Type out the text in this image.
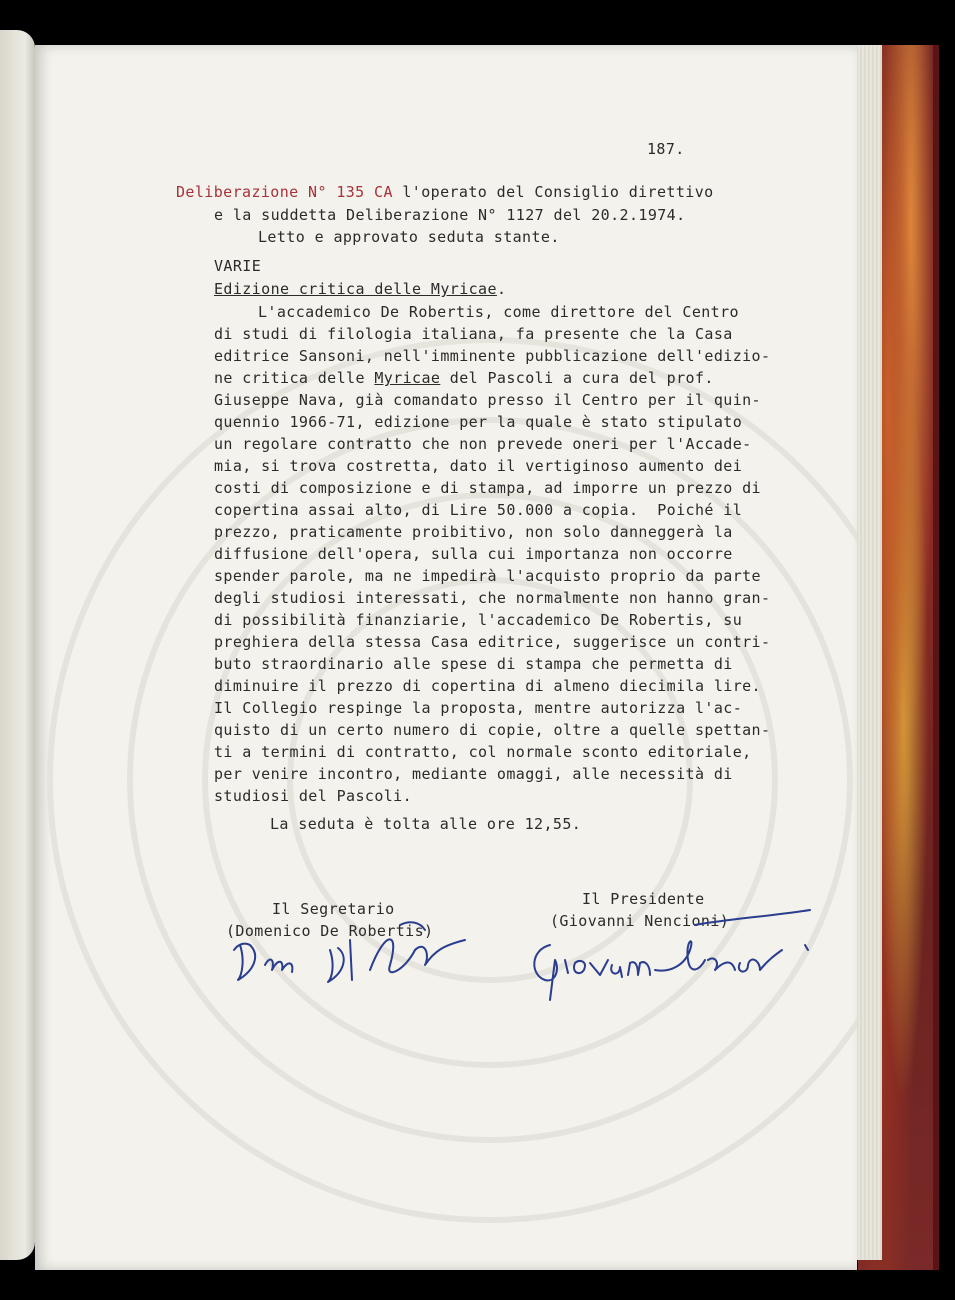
187.
Deliberazione N° 135 CA l'operato del Consiglio direttivo
e la suddetta Deliberazione N° 1127 del 20.2.1974.
Letto e approvato seduta stante.
VARIE
Edizione critica delle Myricae.
L'accademico De Robertis, come direttore del Centro
di studi di filologia italiana, fa presente che la Casa
editrice Sansoni, nell'imminente pubblicazione dell'edizio-
ne critica delle Myricae del Pascoli a cura del prof.
Giuseppe Nava, già comandato presso il Centro per il quin-
quennio 1966-71, edizione per la quale è stato stipulato
un regolare contratto che non prevede oneri per l'Accade-
mia, si trova costretta, dato il vertiginoso aumento dei
costi di composizione e di stampa, ad imporre un prezzo di
copertina assai alto, di Lire 50.000 a copia.  Poiché il
prezzo, praticamente proibitivo, non solo danneggerà la
diffusione dell'opera, sulla cui importanza non occorre
spender parole, ma ne impedirà l'acquisto proprio da parte
degli studiosi interessati, che normalmente non hanno gran-
di possibilità finanziarie, l'accademico De Robertis, su
preghiera della stessa Casa editrice, suggerisce un contri-
buto straordinario alle spese di stampa che permetta di
diminuire il prezzo di copertina di almeno diecimila lire.
Il Collegio respinge la proposta, mentre autorizza l'ac-
quisto di un certo numero di copie, oltre a quelle spettan-
ti a termini di contratto, col normale sconto editoriale,
per venire incontro, mediante omaggi, alle necessità di
studiosi del Pascoli.
La seduta è tolta alle ore 12,55.
Il Segretario
(Domenico De Robertis)
Il Presidente
(Giovanni Nencioni)
